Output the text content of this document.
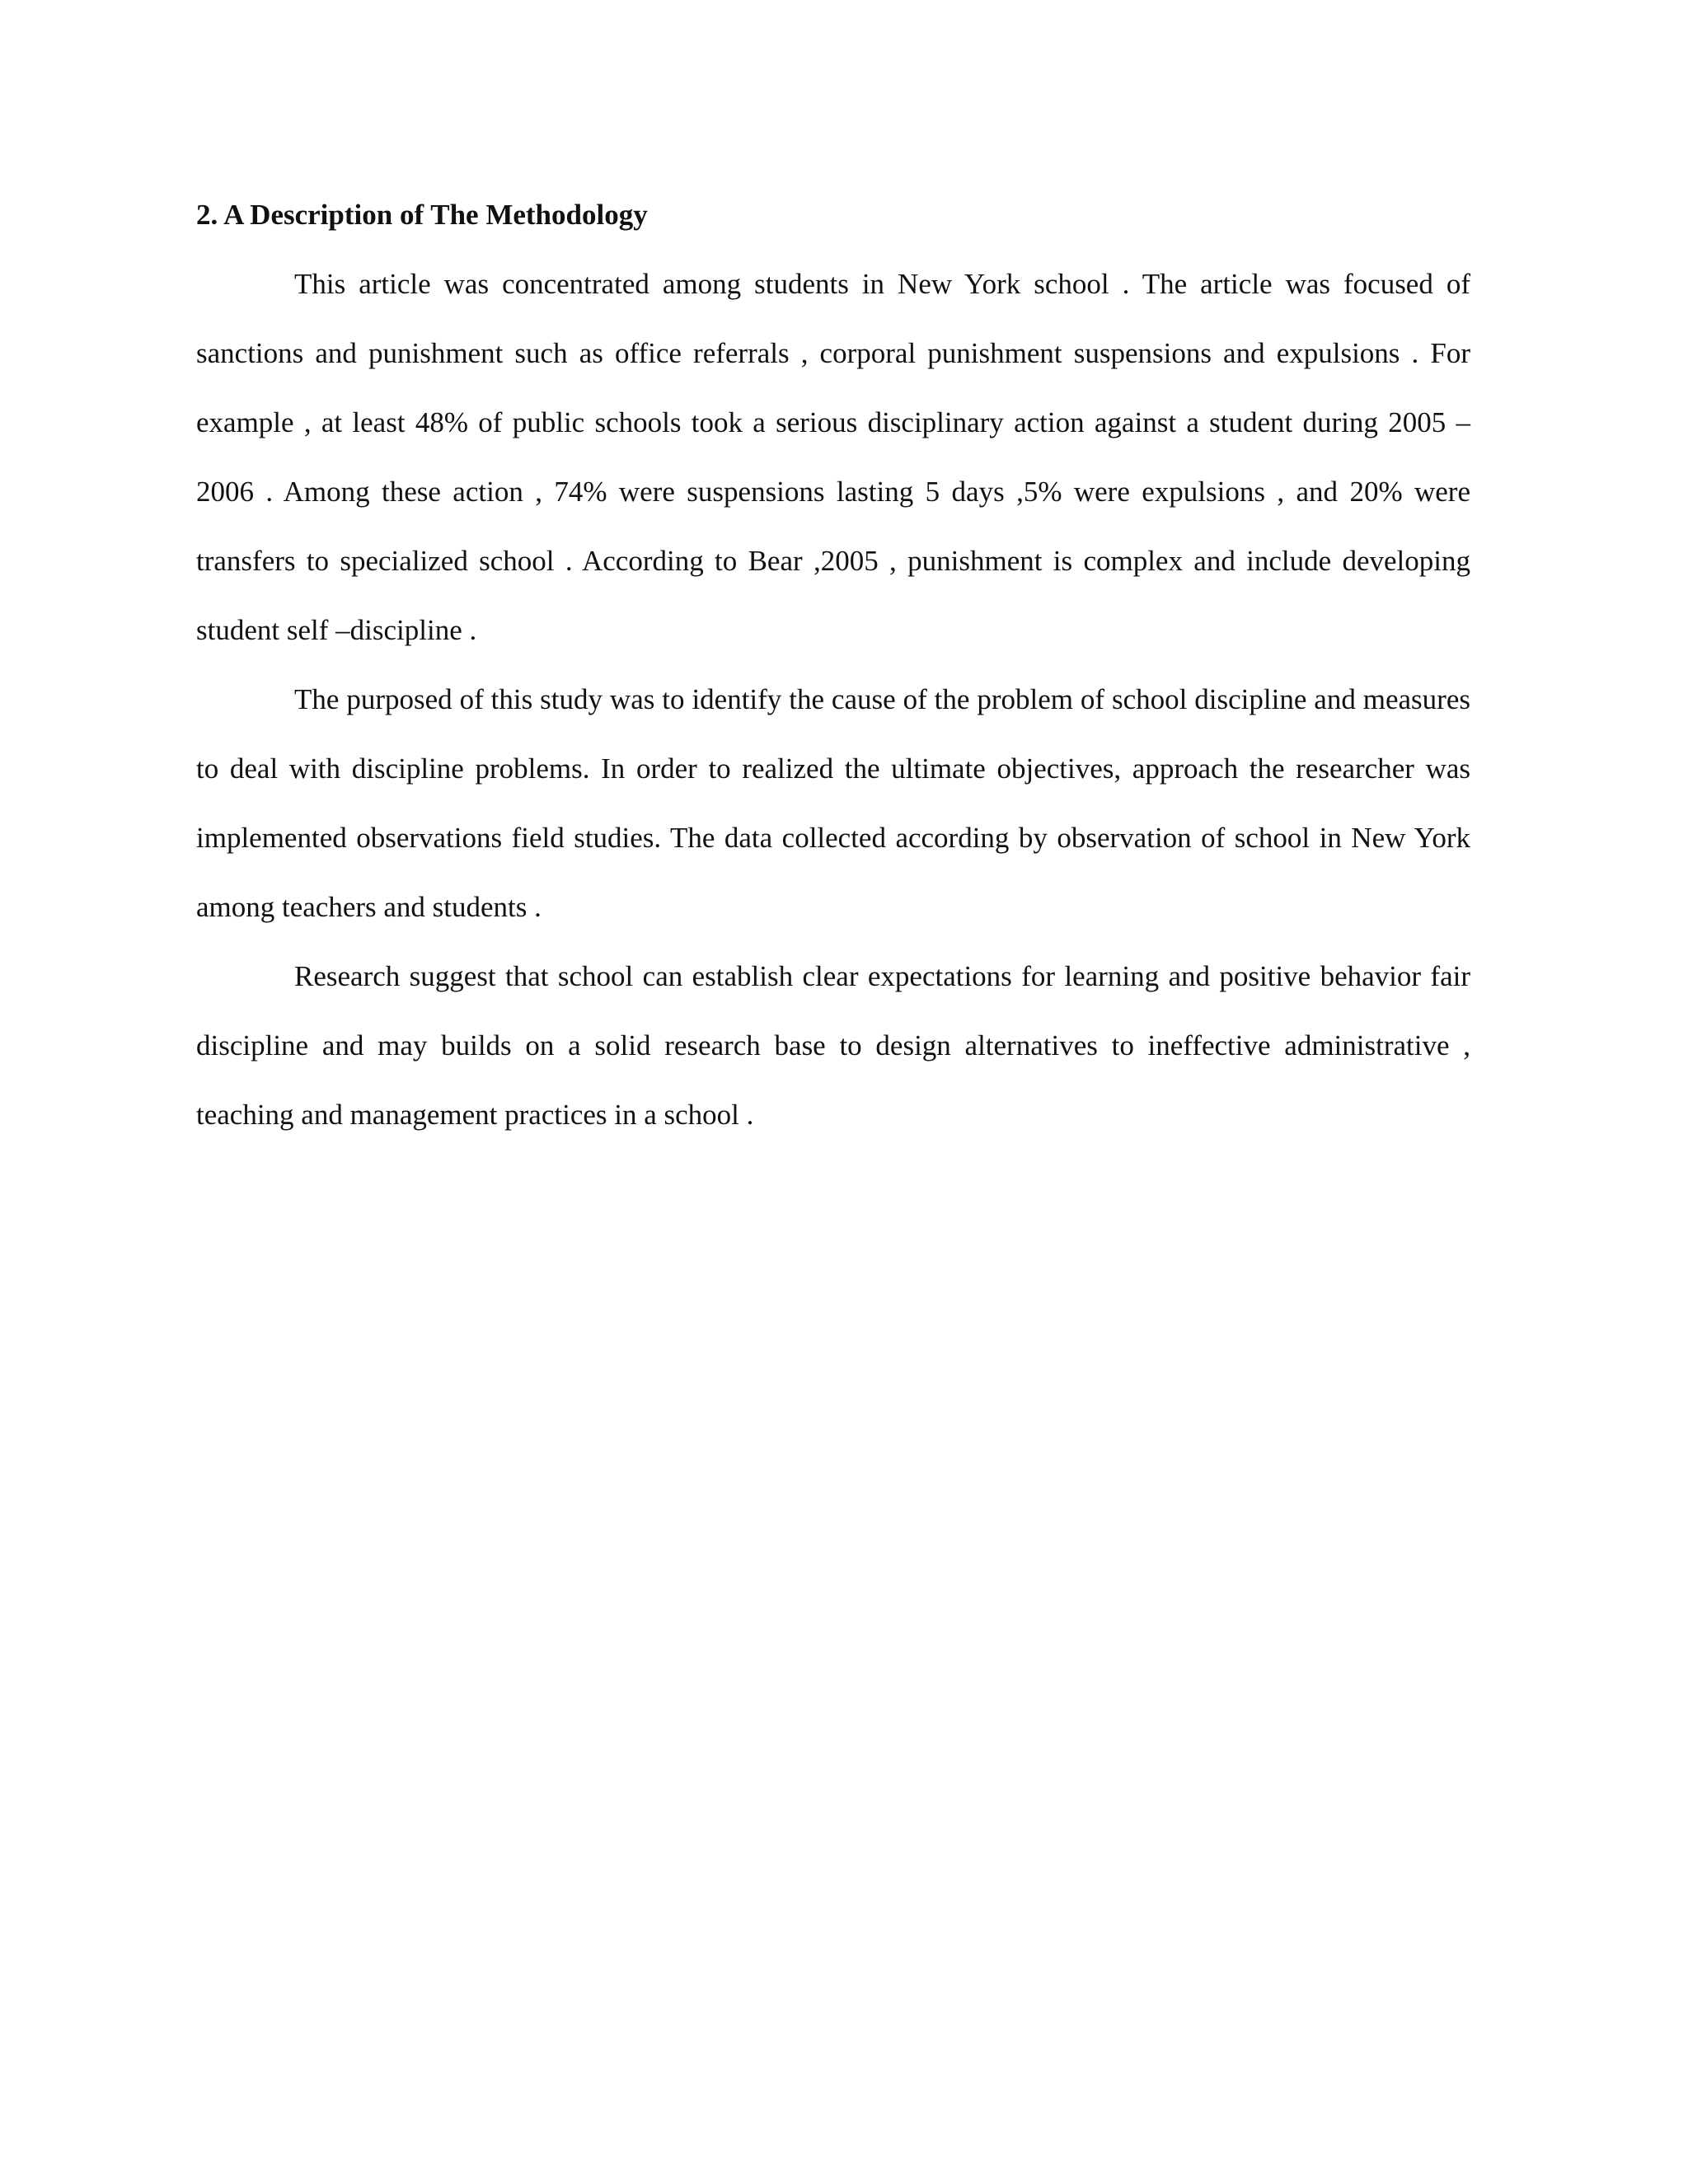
2. A Description of The Methodology

This article was concentrated among students in New York school . The article was focused of sanctions and punishment such as office referrals , corporal punishment suspensions and expulsions . For example , at least 48% of public schools took a serious disciplinary action against a student during 2005 – 2006 . Among these action , 74% were suspensions lasting 5 days ,5% were expulsions , and 20% were transfers to specialized school . According to Bear ,2005 , punishment is complex and include developing student self –discipline .

The purposed of this study was to identify the cause of the problem of school discipline and measures to deal with discipline problems. In order to realized the ultimate objectives, approach the researcher was implemented observations field studies. The data collected according by observation of school in New York among teachers and students .

Research suggest that school can establish clear expectations for learning and positive behavior fair discipline and may builds on a solid research base to design alternatives to ineffective administrative , teaching and management practices in a school .
